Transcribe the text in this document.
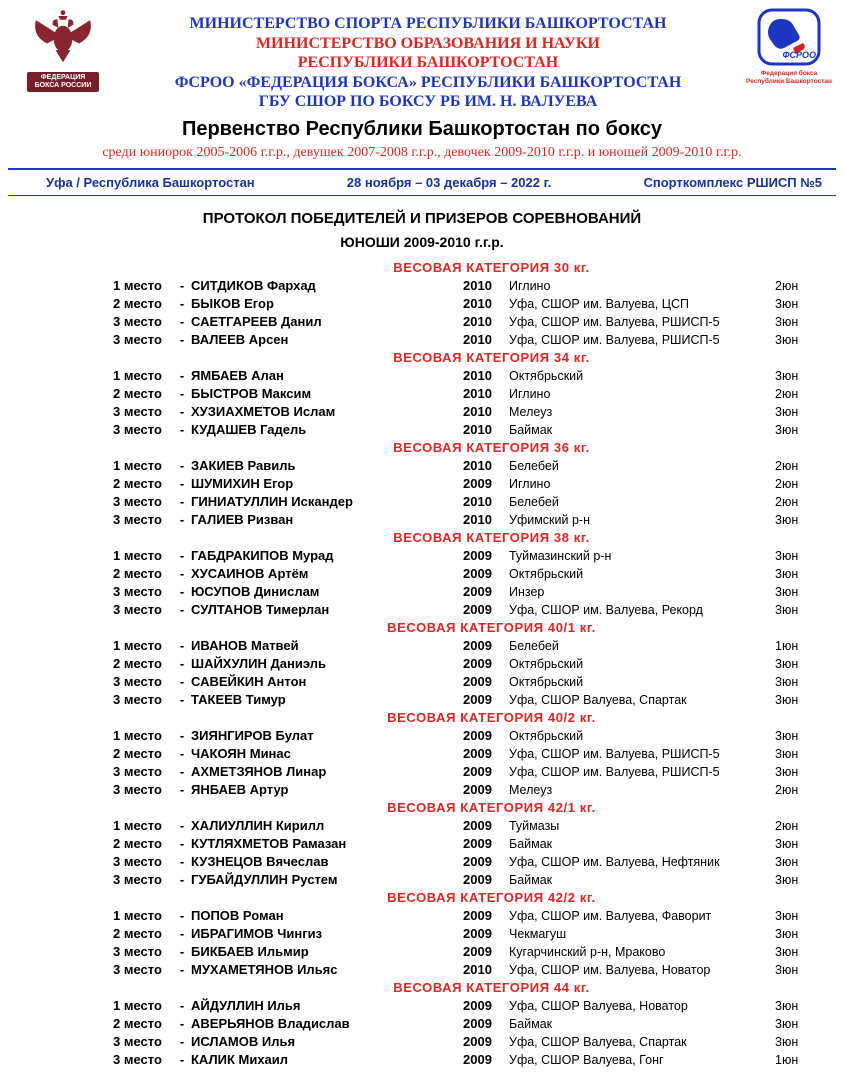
ФЕДЕРАЦИЯ БОКСА РОССИИ
МИНИСТЕРСТВО СПОРТА РЕСПУБЛИКИ БАШКОРТОСТАН
МИНИСТЕРСТВО ОБРАЗОВАНИЯ И НАУКИ
РЕСПУБЛИКИ БАШКОРТОСТАН
ФСРОО «ФЕДЕРАЦИЯ БОКСА» РЕСПУБЛИКИ БАШКОРТОСТАН
ГБУ СШОР ПО БОКСУ РБ ИМ. Н. ВАЛУЕВА
ФСРОО
Федерация бокса
Республики Башкортостан
Первенство Республики Башкортостан по боксу
среди юниорок 2005-2006 г.г.р., девушек 2007-2008 г.г.р., девочек 2009-2010 г.г.р. и юношей 2009-2010 г.г.р.
Уфа / Республика Башкортостан	28 ноября – 03 декабря – 2022 г.	Спорткомплекс РШИСП №5
ПРОТОКОЛ ПОБЕДИТЕЛЕЙ И ПРИЗЕРОВ СОРЕВНОВАНИЙ
ЮНОШИ 2009-2010 г.г.р.
ВЕСОВАЯ КАТЕГОРИЯ 30 кг.
1 место	- СИТДИКОВ Фархад	2010	Иглино	2юн
2 место	- БЫКОВ Егор	2010	Уфа, СШОР им. Валуева, ЦСП	3юн
3 место	- САЕТГАРЕЕВ Данил	2010	Уфа, СШОР им. Валуева, РШИСП-5	3юн
3 место	- ВАЛЕЕВ Арсен	2010	Уфа, СШОР им. Валуева, РШИСП-5	3юн
ВЕСОВАЯ КАТЕГОРИЯ 34 кг.
1 место	- ЯМБАЕВ Алан	2010	Октябрьский	3юн
2 место	- БЫСТРОВ Максим	2010	Иглино	2юн
3 место	- ХУЗИАХМЕТОВ Ислам	2010	Мелеуз	3юн
3 место	- КУДАШЕВ Гадель	2010	Баймак	3юн
ВЕСОВАЯ КАТЕГОРИЯ 36 кг.
1 место	- ЗАКИЕВ Равиль	2010	Белебей	2юн
2 место	- ШУМИХИН Егор	2009	Иглино	2юн
3 место	- ГИНИАТУЛЛИН Искандер	2010	Белебей	2юн
3 место	- ГАЛИЕВ Ризван	2010	Уфимский р-н	3юн
ВЕСОВАЯ КАТЕГОРИЯ 38 кг.
1 место	- ГАБДРАКИПОВ Мурад	2009	Туймазинский р-н	3юн
2 место	- ХУСАИНОВ Артём	2009	Октябрьский	3юн
3 место	- ЮСУПОВ Динислам	2009	Инзер	3юн
3 место	- СУЛТАНОВ Тимерлан	2009	Уфа, СШОР им. Валуева, Рекорд	3юн
ВЕСОВАЯ КАТЕГОРИЯ 40/1 кг.
1 место	- ИВАНОВ Матвей	2009	Белебей	1юн
2 место	- ШАЙХУЛИН Даниэль	2009	Октябрьский	3юн
3 место	- САВЕЙКИН Антон	2009	Октябрьский	3юн
3 место	- ТАКЕЕВ Тимур	2009	Уфа, СШОР Валуева, Спартак	3юн
ВЕСОВАЯ КАТЕГОРИЯ 40/2 кг.
1 место	- ЗИЯНГИРОВ Булат	2009	Октябрьский	3юн
2 место	- ЧАКОЯН Минас	2009	Уфа, СШОР им. Валуева, РШИСП-5	3юн
3 место	- АХМЕТЗЯНОВ Линар	2009	Уфа, СШОР им. Валуева, РШИСП-5	3юн
3 место	- ЯНБАЕВ Артур	2009	Мелеуз	2юн
ВЕСОВАЯ КАТЕГОРИЯ 42/1 кг.
1 место	- ХАЛИУЛЛИН Кирилл	2009	Туймазы	2юн
2 место	- КУТЛЯХМЕТОВ Рамазан	2009	Баймак	3юн
3 место	- КУЗНЕЦОВ Вячеслав	2009	Уфа, СШОР им. Валуева, Нефтяник	3юн
3 место	- ГУБАЙДУЛЛИН Рустем	2009	Баймак	3юн
ВЕСОВАЯ КАТЕГОРИЯ 42/2 кг.
1 место	- ПОПОВ Роман	2009	Уфа, СШОР им. Валуева, Фаворит	3юн
2 место	- ИБРАГИМОВ Чингиз	2009	Чекмагуш	3юн
3 место	- БИКБАЕВ Ильмир	2009	Кугарчинский р-н, Мраково	3юн
3 место	- МУХАМЕТЯНОВ Ильяс	2010	Уфа, СШОР им. Валуева, Новатор	3юн
ВЕСОВАЯ КАТЕГОРИЯ 44 кг.
1 место	- АЙДУЛЛИН Илья	2009	Уфа, СШОР Валуева, Новатор	3юн
2 место	- АВЕРЬЯНОВ Владислав	2009	Баймак	3юн
3 место	- ИСЛАМОВ Илья	2009	Уфа, СШОР Валуева, Спартак	3юн
3 место	- КАЛИК Михаил	2009	Уфа, СШОР Валуева, Гонг	1юн
